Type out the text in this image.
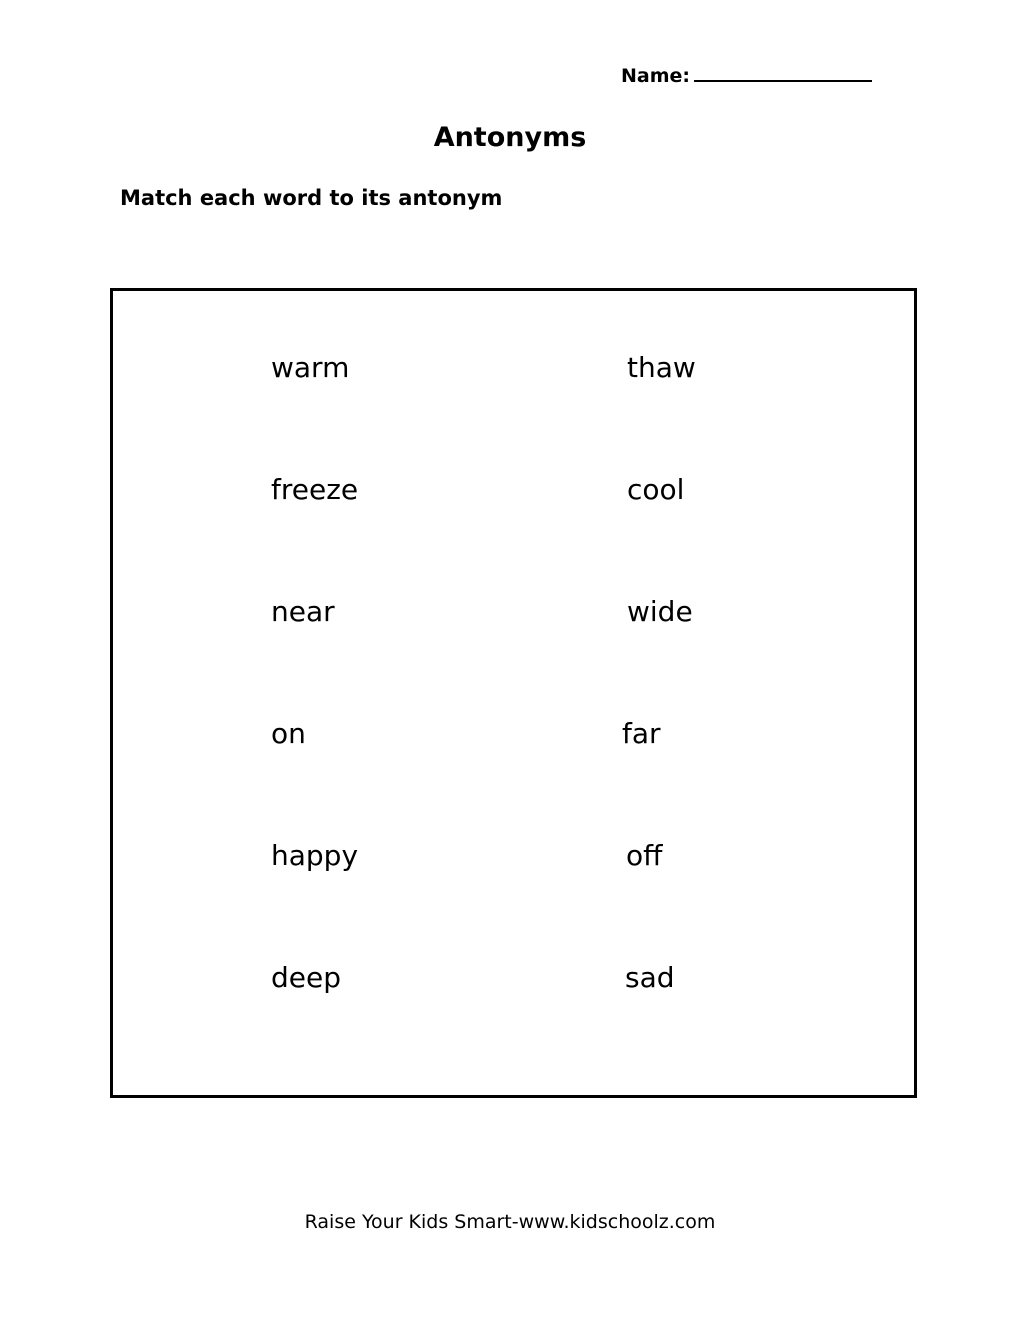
Name:
Antonyms
Match each word to its antonym
warm	thaw
freeze	cool
near	wide
on	far
happy	off
deep	sad
Raise Your Kids Smart-www.kidschoolz.com
